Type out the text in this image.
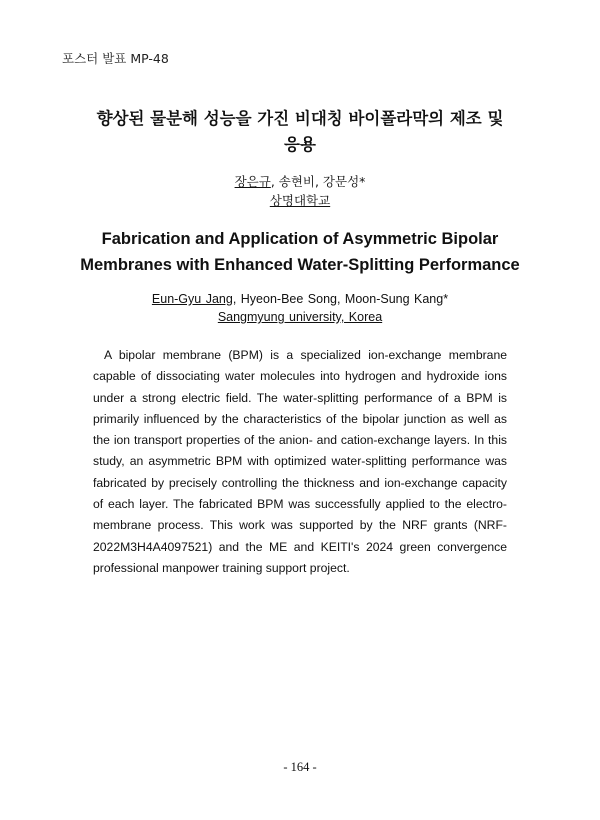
포스터 발표 MP-48
향상된 물분해 성능을 가진 비대칭 바이폴라막의 제조 및
응용
장은규, 송현비, 강문성*
상명대학교
Fabrication and Application of Asymmetric Bipolar
Membranes with Enhanced Water-Splitting Performance
Eun-Gyu Jang, Hyeon-Bee Song, Moon-Sung Kang*
Sangmyung university, Korea

A bipolar membrane (BPM) is a specialized ion-exchange membrane capable of dissociating water molecules into hydrogen and hydroxide ions under a strong electric field. The water-splitting performance of a BPM is primarily influenced by the characteristics of the bipolar junction as well as the ion transport properties of the anion- and cation-exchange layers. In this study, an asymmetric BPM with optimized water-splitting performance was fabricated by precisely controlling the thickness and ion-exchange capacity of each layer. The fabricated BPM was successfully applied to the electro-membrane process. This work was supported by the NRF grants (NRF-2022M3H4A4097521) and the ME and KEITI's 2024 green convergence professional manpower training support project.

- 164 -
